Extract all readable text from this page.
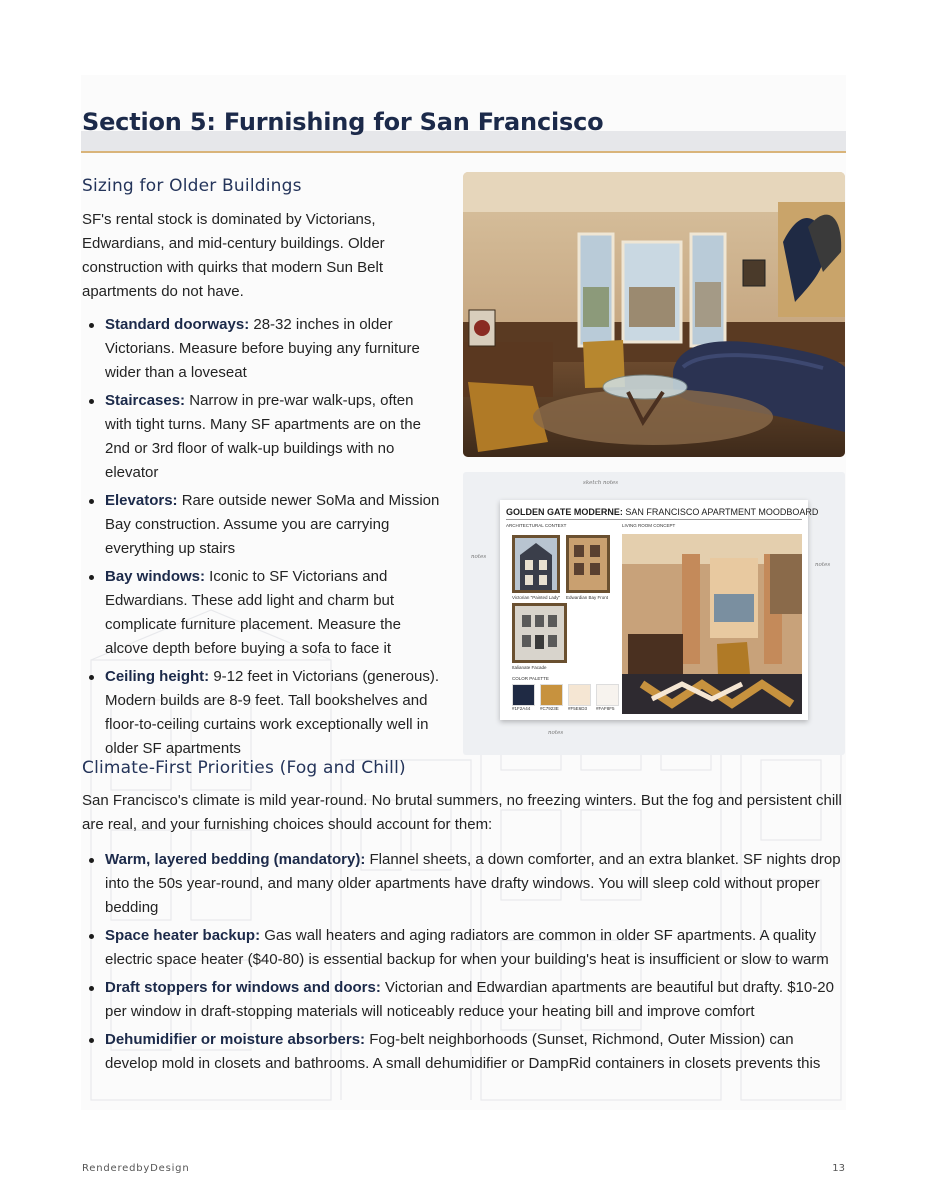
Section 5: Furnishing for San Francisco
Sizing for Older Buildings

SF's rental stock is dominated by Victorians, Edwardians, and mid-century buildings. Older construction with quirks that modern Sun Belt apartments do not have.

Standard doorways: 28-32 inches in older Victorians. Measure before buying any furniture wider than a loveseat
Staircases: Narrow in pre-war walk-ups, often with tight turns. Many SF apartments are on the 2nd or 3rd floor of walk-up buildings with no elevator
Elevators: Rare outside newer SoMa and Mission Bay construction. Assume you are carrying everything up stairs
Bay windows: Iconic to SF Victorians and Edwardians. These add light and charm but complicate furniture placement. Measure the alcove depth before buying a sofa to face it
Ceiling height: 9-12 feet in Victorians (generous). Modern builds are 8-9 feet. Tall bookshelves and floor-to-ceiling curtains work exceptionally well in older SF apartments
sketch notes
GOLDEN GATE MODERNE: SAN FRANCISCO APARTMENT MOODBOARD
ARCHITECTURAL CONTEXT	LIVING ROOM CONCEPT
Victorian "Painted Lady" Edwardian Bay Front
Italianate Facade
COLOR PALETTE
#1F2A44 #C7923E #F5E6D3 #FAF8F5
notes
notes
notes
Climate-First Priorities (Fog and Chill)

San Francisco's climate is mild year-round. No brutal summers, no freezing winters. But the fog and persistent chill are real, and your furnishing choices should account for them:

Warm, layered bedding (mandatory): Flannel sheets, a down comforter, and an extra blanket. SF nights drop into the 50s year-round, and many older apartments have drafty windows. You will sleep cold without proper bedding
Space heater backup: Gas wall heaters and aging radiators are common in older SF apartments. A quality electric space heater ($40-80) is essential backup for when your building's heat is insufficient or slow to warm
Draft stoppers for windows and doors: Victorian and Edwardian apartments are beautiful but drafty. $10-20 per window in draft-stopping materials will noticeably reduce your heating bill and improve comfort
Dehumidifier or moisture absorbers: Fog-belt neighborhoods (Sunset, Richmond, Outer Mission) can develop mold in closets and bathrooms. A small dehumidifier or DampRid containers in closets prevents this
RenderedbyDesign	13
